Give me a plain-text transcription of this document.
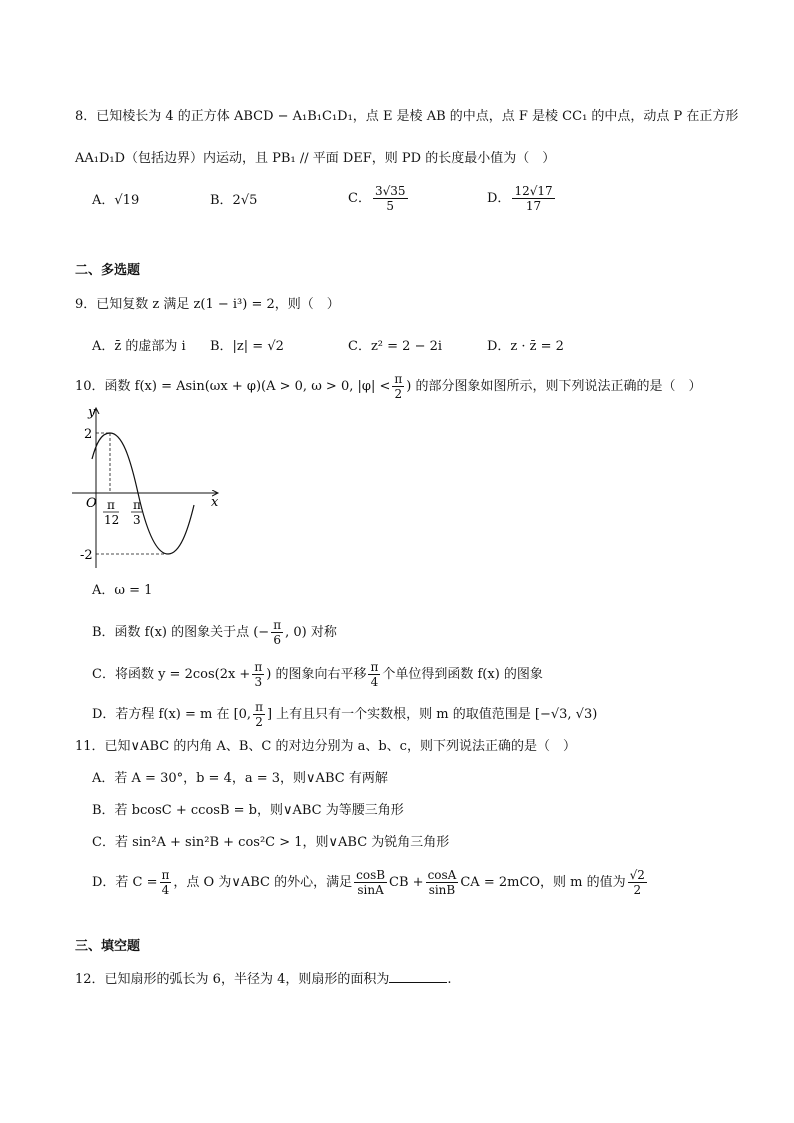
8．已知棱长为 4 的正方体 ABCD − A₁B₁C₁D₁，点 E 是棱 AB 的中点，点 F 是棱 CC₁ 的中点，动点 P 在正方形
AA₁D₁D（包括边界）内运动，且 PB₁ // 平面 DEF，则 PD 的长度最小值为（　）
A．√19	B．2√5	C． $\frac{3√35}{5}$	D． $\frac{12√17}{17}$
二、多选题
9．已知复数 z 满足 z(1 − i³) = 2，则（　）
A．z̄ 的虚部为 i B．|z| = √2	C．z² = 2 − 2i	D．z · z̄ = 2
10．函数 f(x) = Asin(ωx + φ)(A > 0, ω > 0, $|\varphi| < \frac{\pi}{2}$ ) 的部分图象如图所示，则下列说法正确的是（　）
y
x
O
2
-2
π
12
π
3
A．ω = 1
B．函数 f(x) 的图象关于点 (− $\frac{\pi}{6}$ , 0) 对称
C．将函数 $y = 2\cos(2x + \frac{\pi}{3}$ ) 的图象向右平移 $\frac{\pi}{4}$ 个单位得到函数 f(x) 的图象
D．若方程 f(x) = m 在 [0, $\frac{\pi}{2}$ ] 上有且只有一个实数根，则 m 的取值范围是 [−√3, √3)
11．已知∨ABC 的内角 A、B、C 的对边分别为 a、b、c，则下列说法正确的是（　）
A．若 A = 30°，b = 4，a = 3，则∨ABC 有两解
B．若 bcosC + ccosB = b，则∨ABC 为等腰三角形
C．若 sin²A + sin²B + cos²C > 1，则∨ABC 为锐角三角形
D．若 $C = \frac{\pi}{4}$ ，点 O 为∨ABC 的外心，满足 $\frac{\cos B}{\sin A}$ CB + $\frac{\cos A}{\sin B}$ CA = 2mCO，则 m 的值为 $\frac{√2}{2}$
三、填空题
12．已知扇形的弧长为 6，半径为 4，则扇形的面积为	.
